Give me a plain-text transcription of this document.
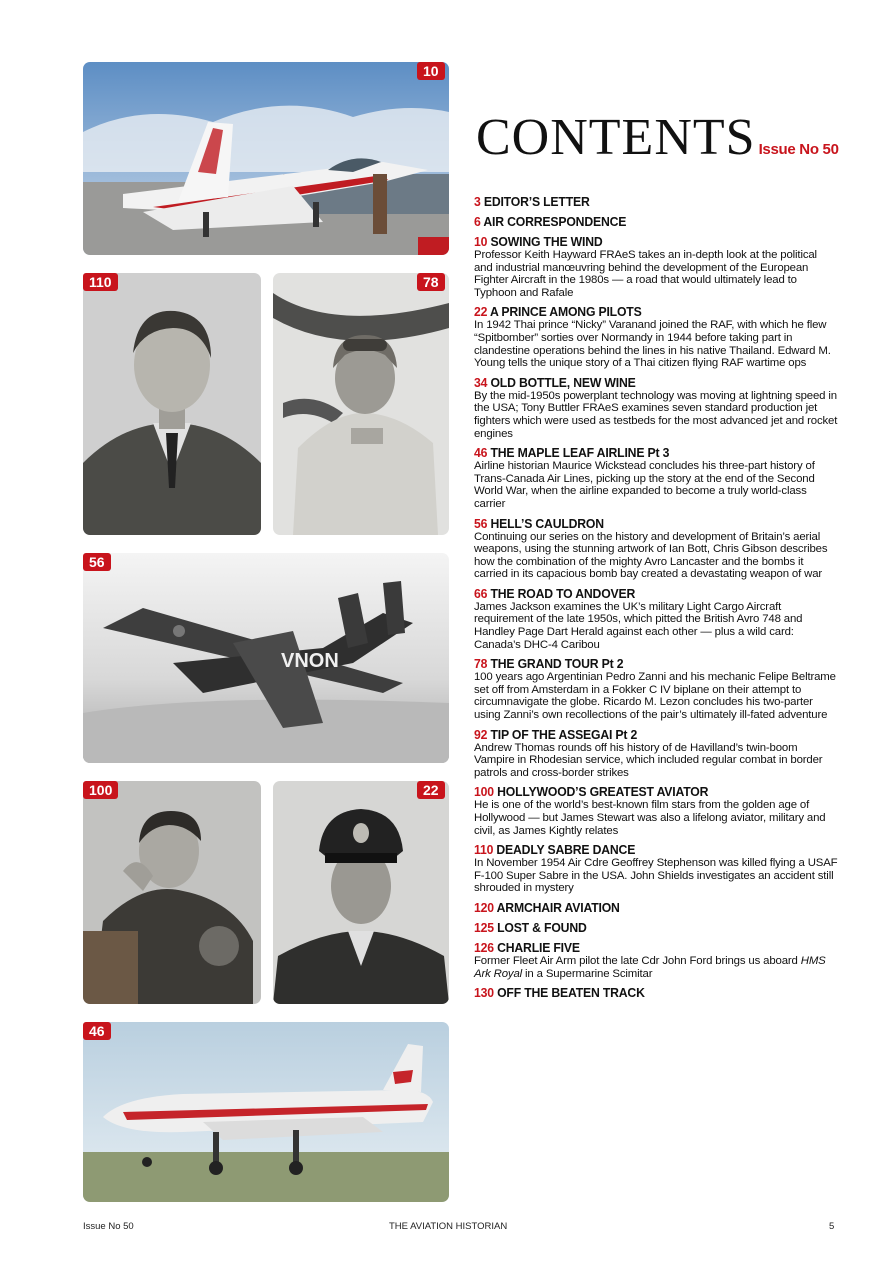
10
110	78
VNON
56
100	22
46
CONTENTS Issue No 50
3 EDITOR’S LETTER
6 AIR CORRESPONDENCE
10 SOWING THE WIND
Professor Keith Hayward FRAeS takes an in-depth look at the political and industrial manœuvring behind the development of the European Fighter Aircraft in the 1980s — a road that would ultimately lead to Typhoon and Rafale
22 A PRINCE AMONG PILOTS
In 1942 Thai prince “Nicky” Varanand joined the RAF, with which he flew “Spitbomber” sorties over Normandy in 1944 before taking part in clandestine operations behind the lines in his native Thailand. Edward M. Young tells the unique story of a Thai citizen flying RAF wartime ops
34 OLD BOTTLE, NEW WINE
By the mid-1950s powerplant technology was moving at lightning speed in the USA; Tony Buttler FRAeS examines seven standard production jet fighters which were used as testbeds for the most advanced jet and rocket engines
46 THE MAPLE LEAF AIRLINE Pt 3
Airline historian Maurice Wickstead concludes his three-part history of Trans-Canada Air Lines, picking up the story at the end of the Second World War, when the airline expanded to become a truly world-class carrier
56 HELL’S CAULDRON
Continuing our series on the history and development of Britain’s aerial weapons, using the stunning artwork of Ian Bott, Chris Gibson describes how the combination of the mighty Avro Lancaster and the bombs it carried in its capacious bomb bay created a devastating weapon of war
66 THE ROAD TO ANDOVER
James Jackson examines the UK’s military Light Cargo Aircraft requirement of the late 1950s, which pitted the British Avro 748 and Handley Page Dart Herald against each other — plus a wild card: Canada’s DHC-4 Caribou
78 THE GRAND TOUR Pt 2
100 years ago Argentinian Pedro Zanni and his mechanic Felipe Beltrame set off from Amsterdam in a Fokker C IV biplane on their attempt to circumnavigate the globe. Ricardo M. Lezon concludes his two-parter using Zanni’s own recollections of the pair’s ultimately ill-fated adventure
92 TIP OF THE ASSEGAI Pt 2
Andrew Thomas rounds off his history of de Havilland’s twin-boom Vampire in Rhodesian service, which included regular combat in border patrols and cross-border strikes
100 HOLLYWOOD’S GREATEST AVIATOR
He is one of the world’s best-known film stars from the golden age of Hollywood — but James Stewart was also a lifelong aviator, military and civil, as James Kightly relates
110 DEADLY SABRE DANCE
In November 1954 Air Cdre Geoffrey Stephenson was killed flying a USAF F-100 Super Sabre in the USA. John Shields investigates an accident still shrouded in mystery
120 ARMCHAIR AVIATION
125 LOST & FOUND
126 CHARLIE FIVE
Former Fleet Air Arm pilot the late Cdr John Ford brings us aboard HMS Ark Royal in a Supermarine Scimitar
130 OFF THE BEATEN TRACK
Issue No 50	THE AVIATION HISTORIAN	5
